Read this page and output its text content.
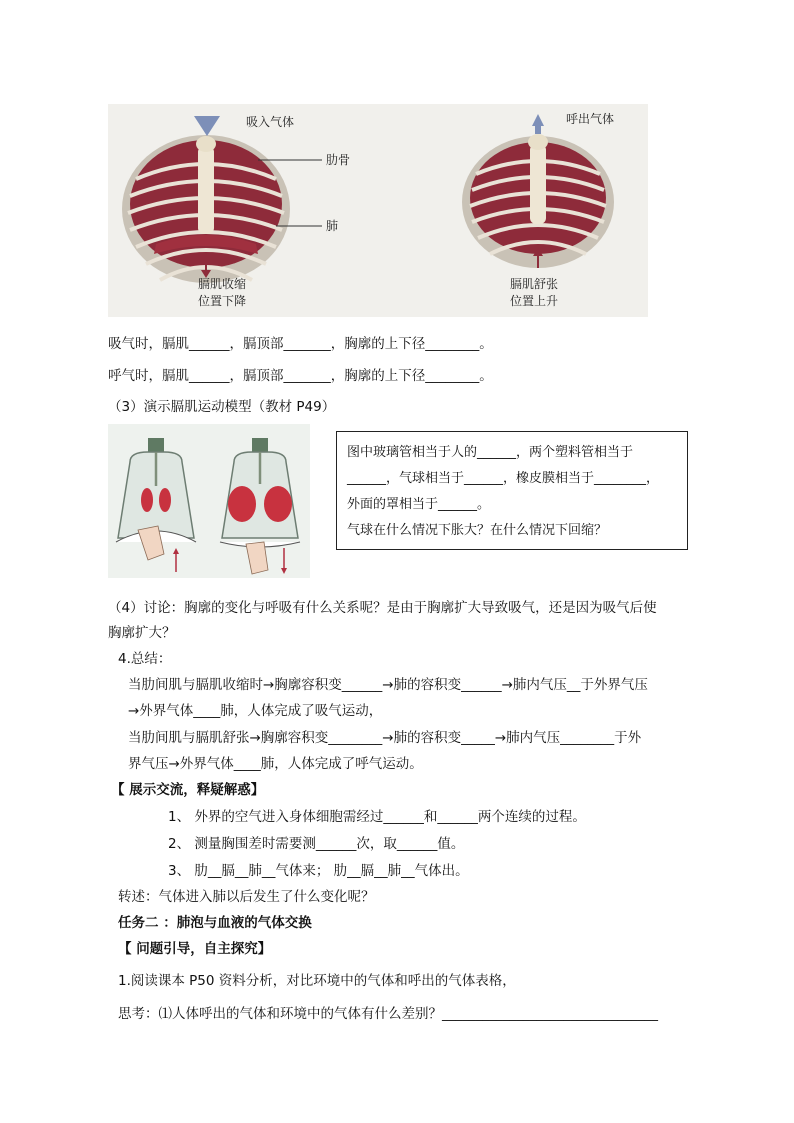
吸入气体	呼出气体
肋骨
肺
膈肌收缩
位置下降
膈肌舒张
位置上升
吸气时，膈肌______，膈顶部_______，胸廓的上下径________。
呼气时，膈肌______，膈顶部_______，胸廓的上下径________。
（3）演示膈肌运动模型（教材 P49）
图中玻璃管相当于人的______，两个塑料管相当于
______，气球相当于______，橡皮膜相当于________，
外面的罩相当于______。
气球在什么情况下胀大？在什么情况下回缩？
（4）讨论：胸廓的变化与呼吸有什么关系呢？是由于胸廓扩大导致吸气，还是因为吸气后使
胸廓扩大？
4.总结：
当肋间肌与膈肌收缩时→胸廓容积变______→肺的容积变______→肺内气压__于外界气压
→外界气体____肺，人体完成了吸气运动，
当肋间肌与膈肌舒张→胸廓容积变________→肺的容积变_____→肺内气压________于外
界气压→外界气体____肺，人体完成了呼气运动。
【 展示交流，释疑解惑】
1、 外界的空气进入身体细胞需经过______和______两个连续的过程。
2、 测量胸围差时需要测______次，取______值。
3、 肋__膈__肺__气体来； 肋__膈__肺__气体出。
转述：气体进入肺以后发生了什么变化呢？
任务二 ：肺泡与血液的气体交换
【 问题引导，自主探究】
1.阅读课本 P50 资料分析，对比环境中的气体和呼出的气体表格，
思考：⑴人体呼出的气体和环境中的气体有什么差别？________________________________
